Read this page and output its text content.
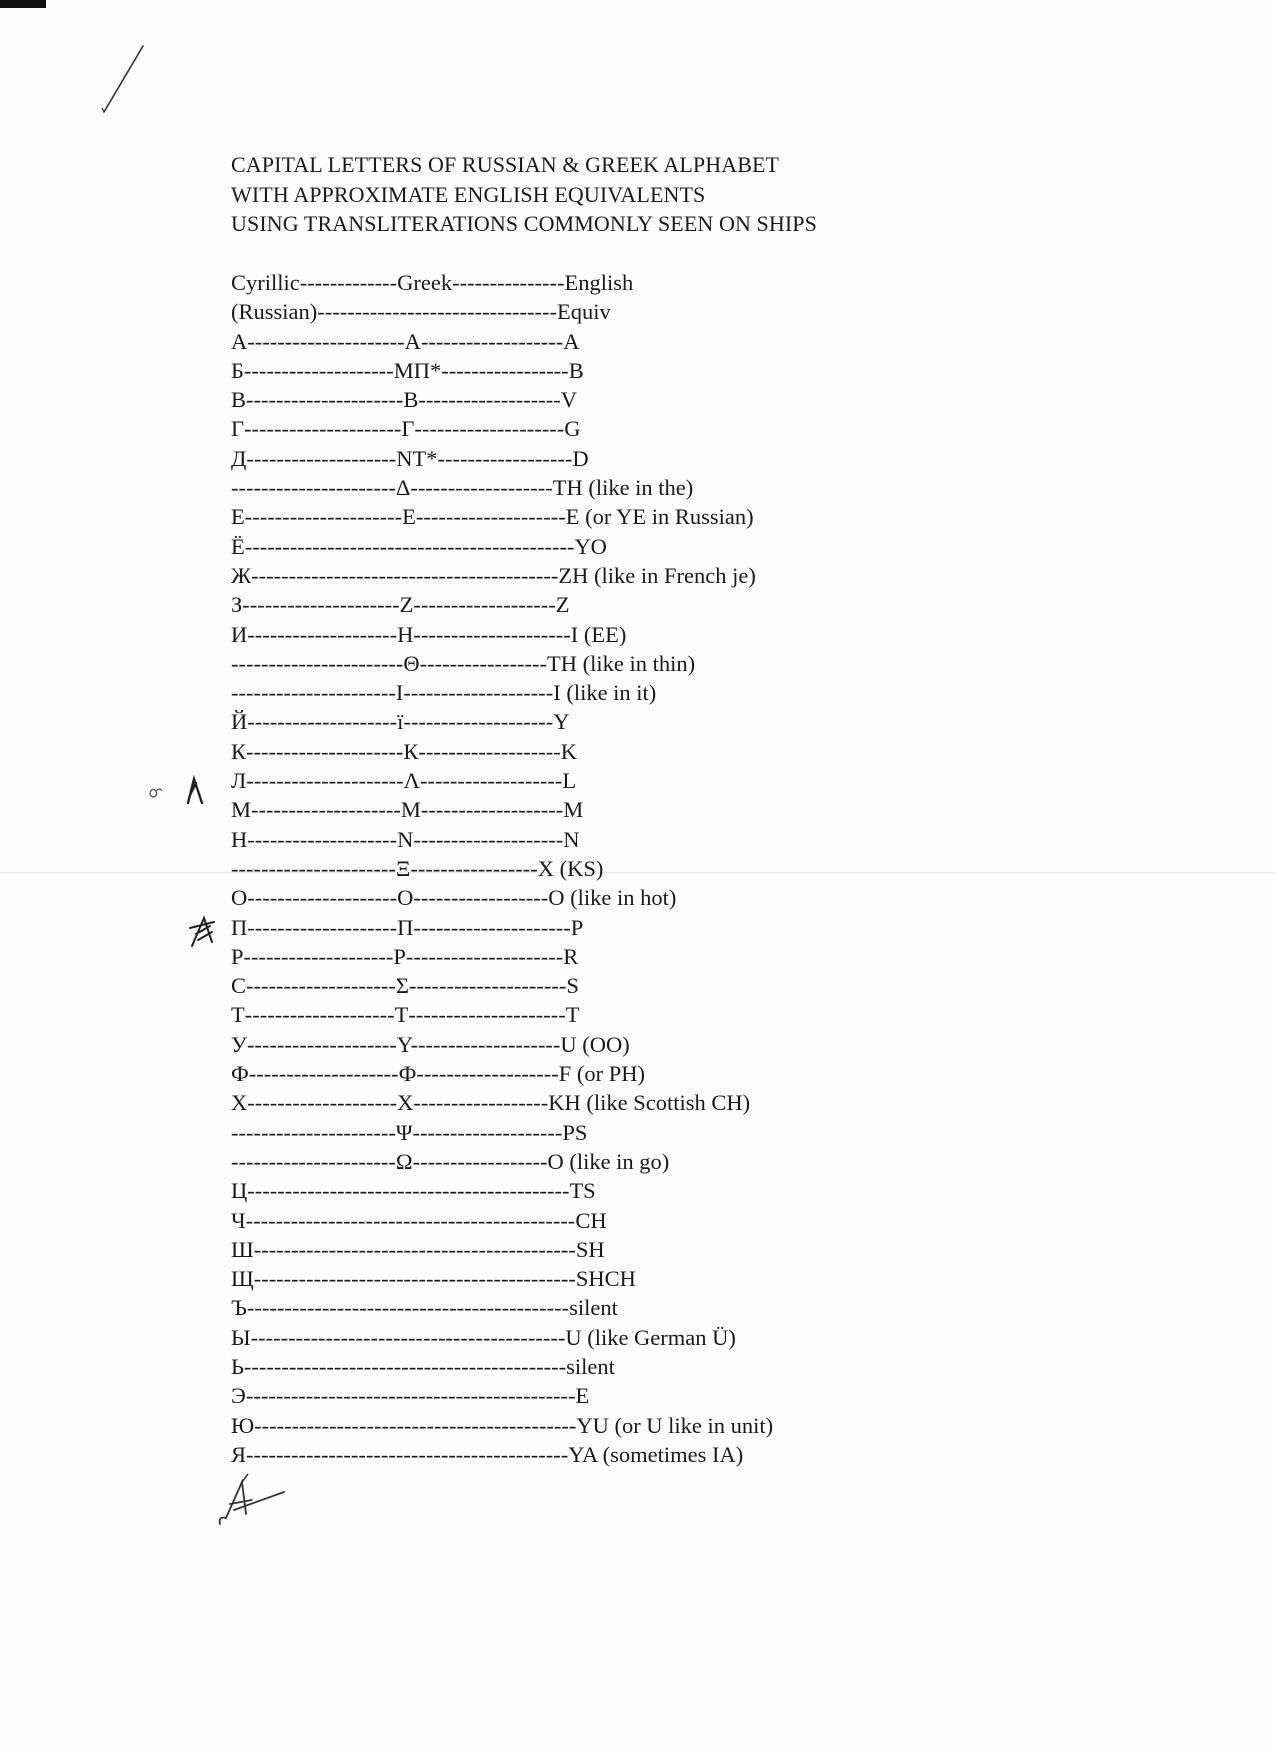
CAPITAL LETTERS OF RUSSIAN & GREEK ALPHABET
WITH APPROXIMATE ENGLISH EQUIVALENTS
USING TRANSLITERATIONS COMMONLY SEEN ON SHIPS
Cyrillic-------------Greek---------------English
(Russian)--------------------------------Equiv
А---------------------А-------------------A
Б--------------------МП*-----------------B
В---------------------В-------------------V
Г---------------------Г--------------------G
Д--------------------NT*------------------D
----------------------Δ-------------------TH (like in the)
Е---------------------Е--------------------E (or YE in Russian)
Ё--------------------------------------------YO
Ж-----------------------------------------ZH (like in French je)
З---------------------Z-------------------Z
И--------------------Н---------------------I (EE)
-----------------------Θ-----------------TH (like in thin)
----------------------І--------------------I (like in it)
Й--------------------ї--------------------Y
К---------------------К-------------------K
Л---------------------Λ-------------------L
М--------------------М-------------------M
Н--------------------N--------------------N
----------------------Ξ-----------------X (KS)
О--------------------О------------------O (like in hot)
П--------------------П---------------------P
Р--------------------Р---------------------R
С--------------------Σ---------------------S
Т--------------------Т---------------------T
У--------------------Y--------------------U (OO)
Ф--------------------Ф-------------------F (or PH)
Х--------------------Х------------------KH (like Scottish CH)
----------------------Ψ--------------------PS
----------------------Ω------------------O (like in go)
Ц-------------------------------------------TS
Ч--------------------------------------------CH
Ш-------------------------------------------SH
Щ-------------------------------------------SHCH
Ъ-------------------------------------------silent
Ы------------------------------------------U (like German Ü)
Ь-------------------------------------------silent
Э--------------------------------------------E
Ю-------------------------------------------YU (or U like in unit)
Я-------------------------------------------YA (sometimes IA)
